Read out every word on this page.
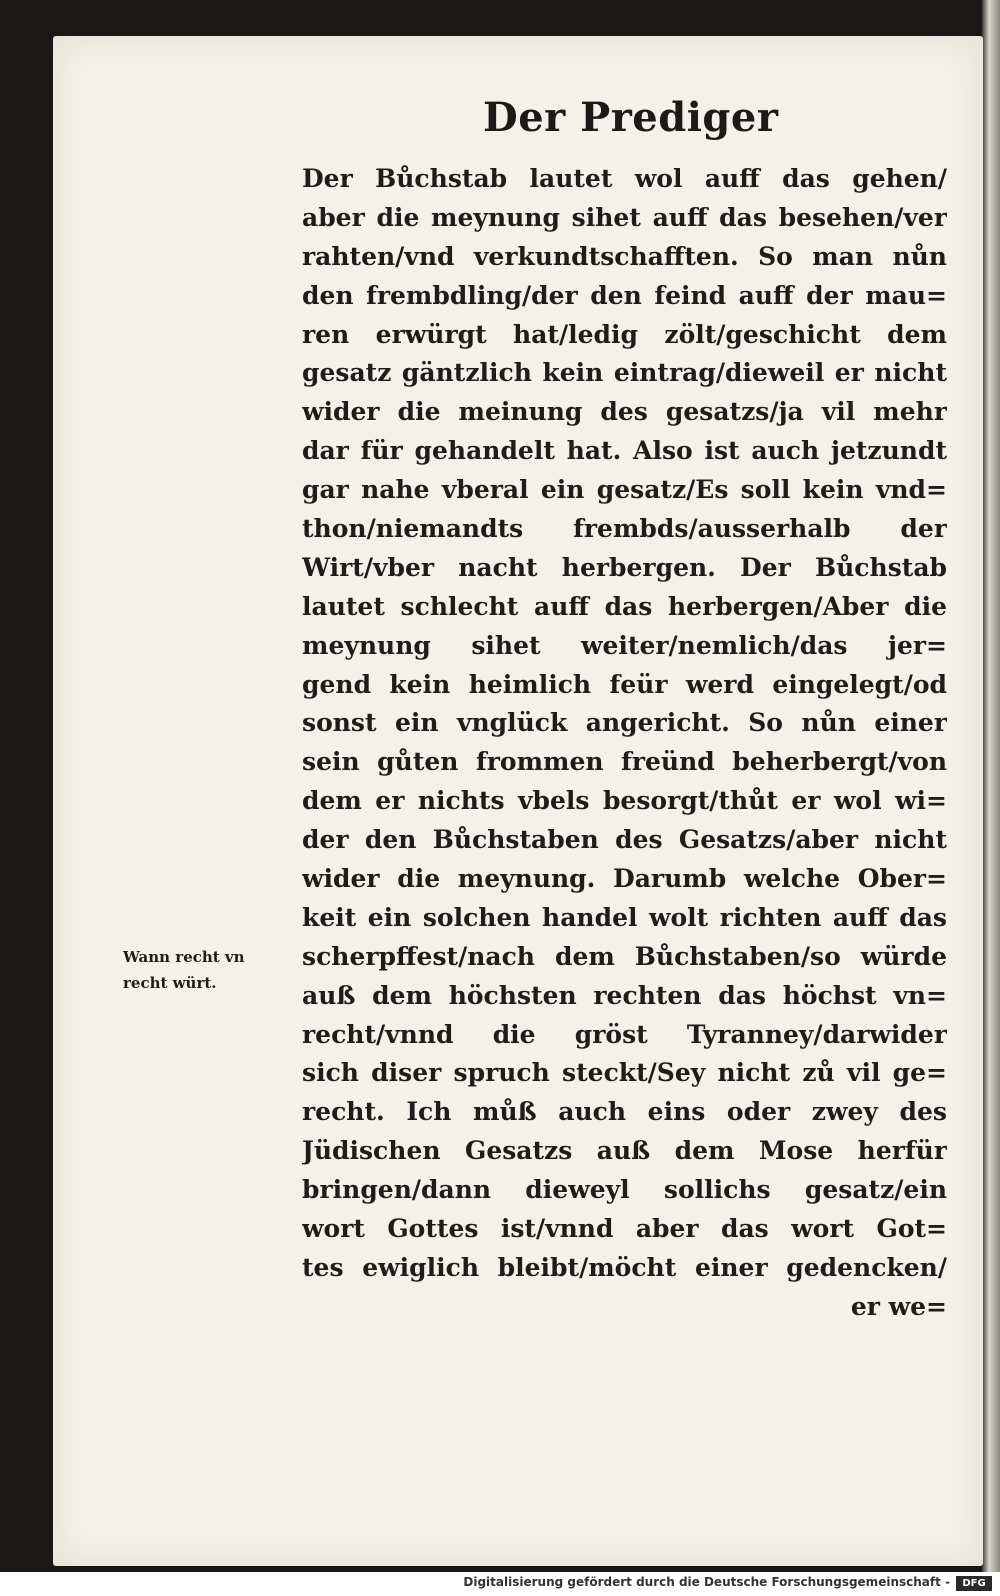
Der Prediger
Der Bůchstab lautet wol auff das gehen/
aber die meynung sihet auff das besehen/ver
rahten/vnd verkundtschafften. So man nůn
den frembdling/der den feind auff der mau=
ren erwürgt hat/ledig zölt/geschicht dem
gesatz gäntzlich kein eintrag/dieweil er nicht
wider die meinung des gesatzs/ja vil mehr
dar für gehandelt hat. Also ist auch jetzundt
gar nahe vberal ein gesatz/Es soll kein vnd=
thon/niemandts frembds/ausserhalb der
Wirt/vber nacht herbergen. Der Bůchstab
lautet schlecht auff das herbergen/Aber die
meynung sihet weiter/nemlich/das jer=
gend kein heimlich feür werd eingelegt/od
sonst ein vnglück angericht. So nůn einer
sein gůten frommen freünd beherbergt/von
dem er nichts vbels besorgt/thůt er wol wi=
der den Bůchstaben des Gesatzs/aber nicht
wider die meynung. Darumb welche Ober=
keit ein solchen handel wolt richten auff das
scherpffest/nach dem Bůchstaben/so würde
auß dem höchsten rechten das höchst vn=
recht/vnnd die gröst Tyranney/darwider
sich diser spruch steckt/Sey nicht zů vil ge=
recht. Ich můß auch eins oder zwey des
Jüdischen Gesatzs auß dem Mose herfür
bringen/dann dieweyl sollichs gesatz/ein
wort Gottes ist/vnnd aber das wort Got=
tes ewiglich bleibt/möcht einer gedencken/
er we=
Wann recht vn
recht würt.
Digitalisierung gefördert durch die Deutsche Forschungsgemeinschaft -	DFG
